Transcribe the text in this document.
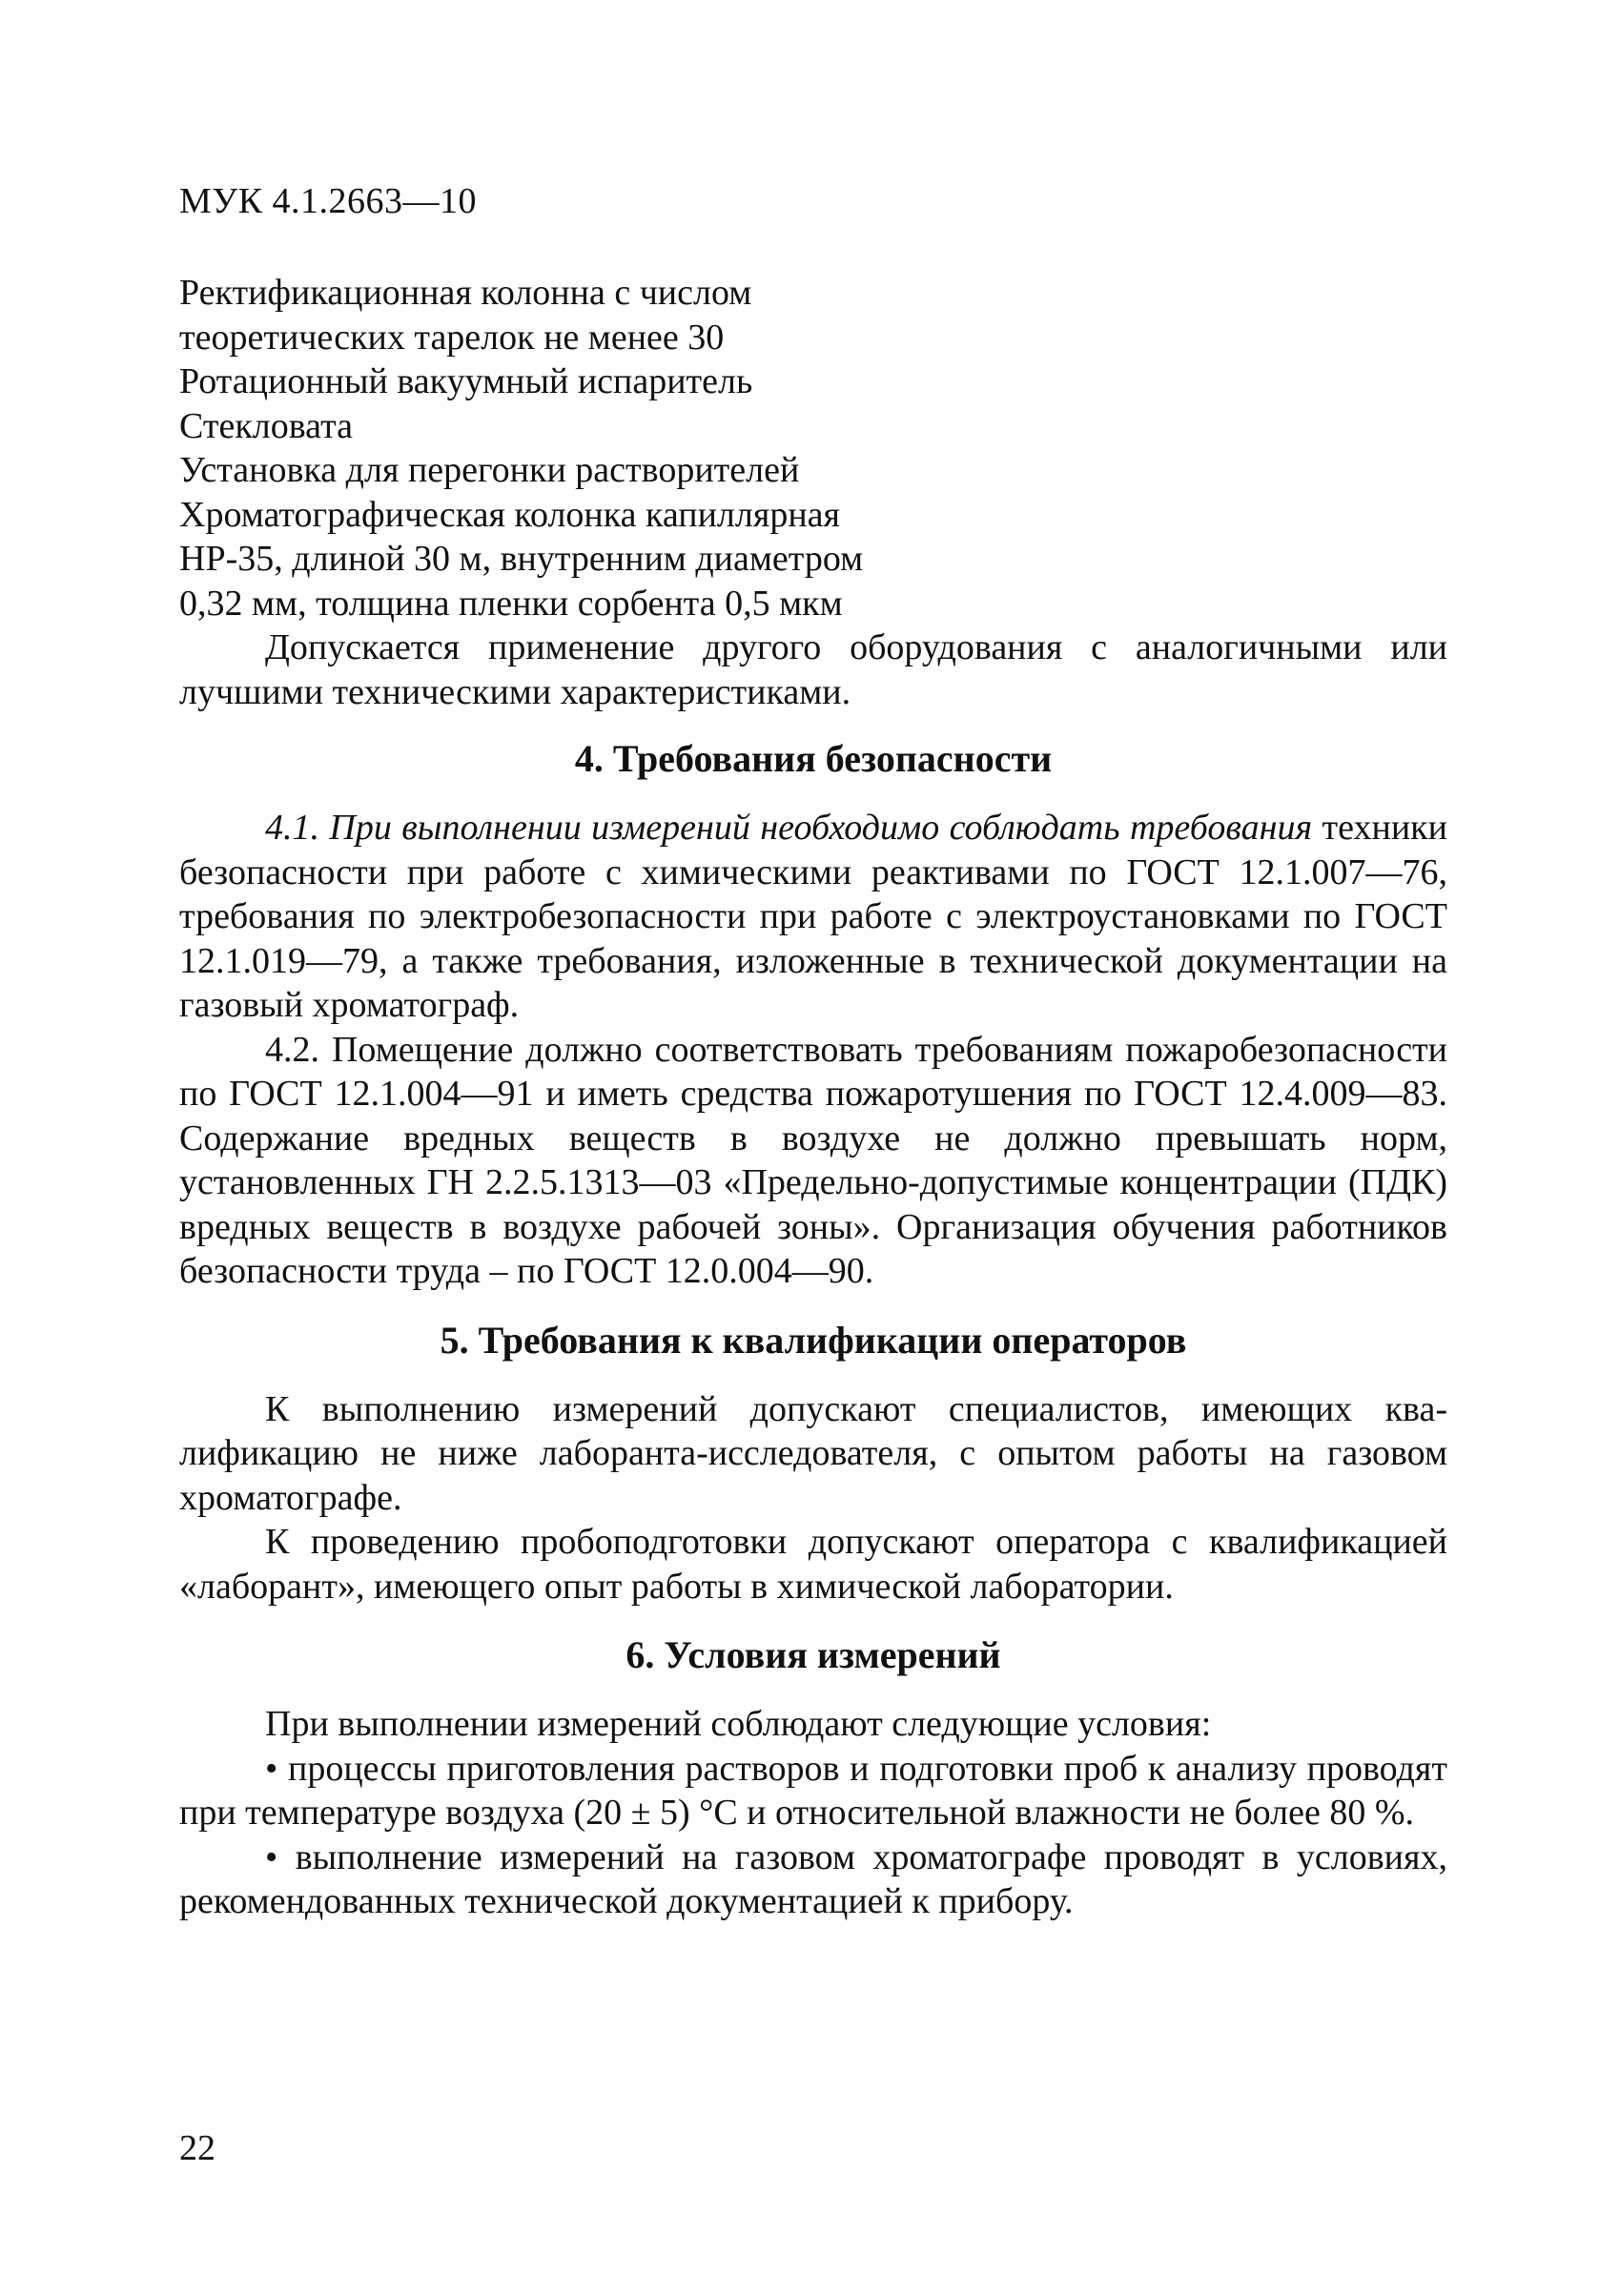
МУК 4.1.2663—10

Ректификационная колонна с числом

теоретических тарелок не менее 30

Ротационный вакуумный испаритель

Стекловата

Установка для перегонки растворителей

Хроматографическая колонка капиллярная

НР-35, длиной 30 м, внутренним диаметром

0,32 мм, толщина пленки сорбента 0,5 мкм

Допускается применение другого оборудования с аналогичными или лучшими техническими характеристиками.

4. Требования безопасности

4.1. При выполнении измерений необходимо соблюдать требования техники безопасности при работе с химическими реактивами по ГОСТ 12.1.007—76, требования по электробезопасности при работе с электроустановками по ГОСТ 12.1.019—79, а также требования, изложенные в технической документации на газовый хроматограф.

4.2. Помещение должно соответствовать требованиям пожаробезопасности по ГОСТ 12.1.004—91 и иметь средства пожаротушения по ГОСТ 12.4.009—83. Содержание вредных веществ в воздухе не должно превышать норм, установленных ГН 2.2.5.1313—03 «Предельно-допустимые концентрации (ПДК) вредных веществ в воздухе рабочей зоны». Организация обучения работников безопасности труда – по ГОСТ 12.0.004—90.

5. Требования к квалификации операторов

К выполнению измерений допускают специалистов, имеющих квалификацию не ниже лаборанта-исследователя, с опытом работы на газовом хроматографе.

К проведению пробоподготовки допускают оператора с квалификацией «лаборант», имеющего опыт работы в химической лаборатории.

6. Условия измерений

При выполнении измерений соблюдают следующие условия:

• процессы приготовления растворов и подготовки проб к анализу проводят при температуре воздуха (20 ± 5) °С и относительной влажности не более 80 %.

• выполнение измерений на газовом хроматографе проводят в условиях, рекомендованных технической документацией к прибору.

22
